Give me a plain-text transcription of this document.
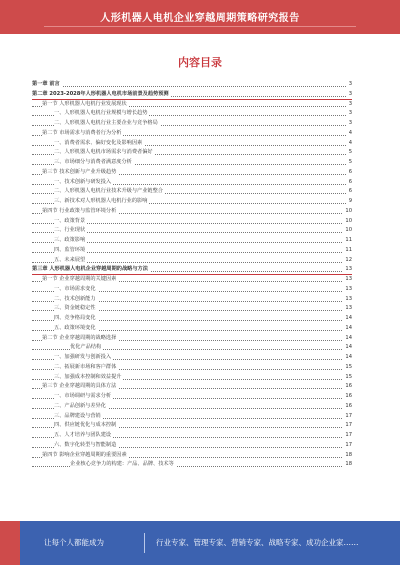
人形机器人电机企业穿越周期策略研究报告
内容目录
第一章 前言	3
第二章 2023-2028年人形机器人电机市场前景及趋势预测	3
第一节 人形机器人电机行业发展现状	3
一、人形机器人电机行业规模与增长趋势	3
二、人形机器人电机行业主要企业与竞争格局	3
第二节 市场需求与消费者行为分析	4
一、消费者需求、偏好变化及影响因素	4
二、人形机器人电机市场需求与消费者偏好	5
三、市场细分与消费者满意度分析	5
第三节 技术创新与产业升级趋势	6
一、技术创新与研发投入	6
二、人形机器人电机行业技术升级与产业链整合	6
三、新技术对人形机器人电机行业的影响	9
第四节 行业政策与监管环境分析	10
一、政策背景	10
二、行业现状	10
三、政策影响	11
四、监管环境	11
五、未来展望	12
第三章 人形机器人电机企业穿越周期的战略与方法	13
第一节 企业穿越周期的关键因素	13
一、市场需求变化	13
二、技术创新能力	13
三、资金链稳定性	13
四、竞争格局变化	14
五、政策环境变化	14
第二节 企业穿越周期的战略选择	14
优化产品结构	14
一、加强研发与创新投入	14
二、拓展新市场和客户群体	15
三、加强成本控制和效益提升	15
第三节 企业穿越周期的具体方法	16
一、市场调研与需求分析	16
二、产品创新与差异化	16
三、品牌建设与营销	17
四、供应链优化与成本控制	17
五、人才培养与团队建设	17
六、数字化转型与智能制造	17
第四节 影响企业穿越周期的重要因素	18
企业核心竞争力的构建：产品、品牌、技术等	18
让每个人都能成为	行业专家、管理专家、营销专家、战略专家、成功企业家……
